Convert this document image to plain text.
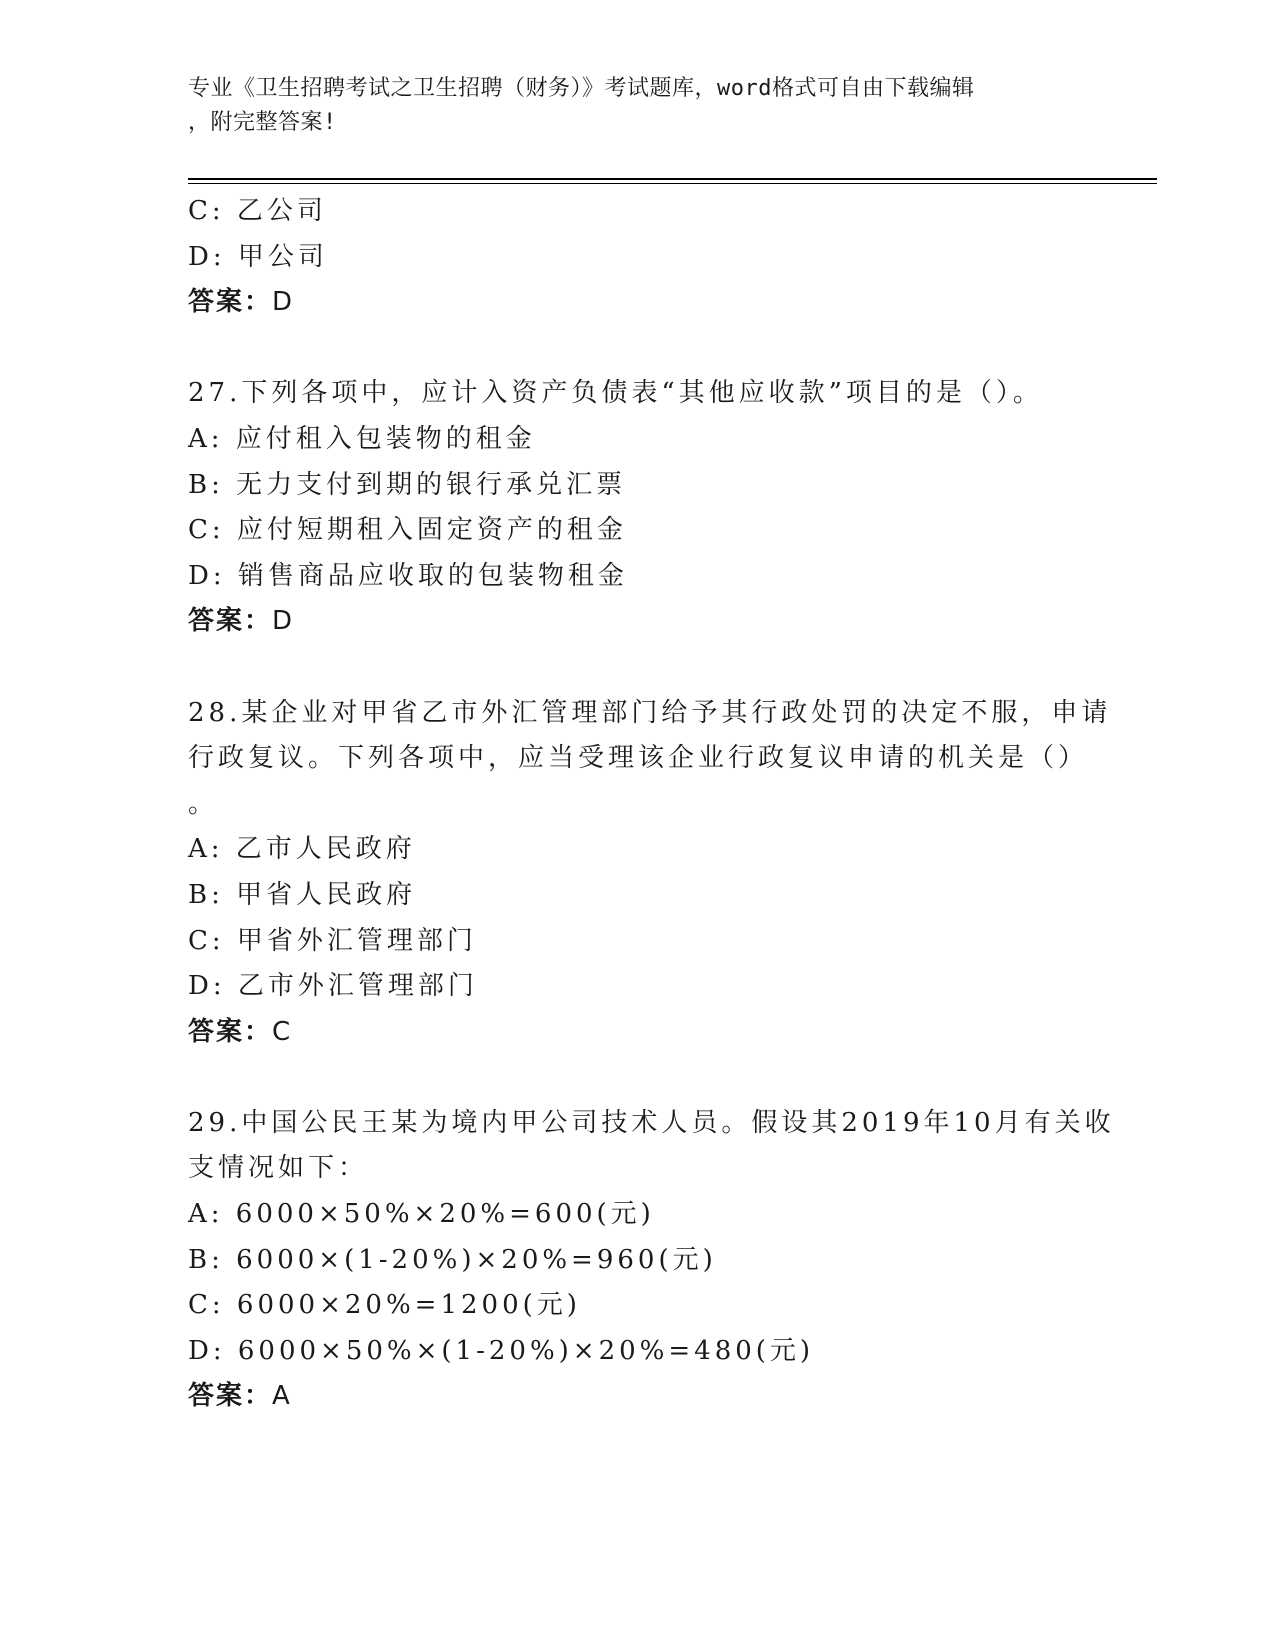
专业《卫生招聘考试之卫生招聘（财务）》考试题库，word格式可自由下载编辑
，附完整答案!
C: 乙公司
D: 甲公司
答案：D
27.下列各项中，应计入资产负债表“其他应收款”项目的是（）。
A: 应付租入包装物的租金
B: 无力支付到期的银行承兑汇票
C: 应付短期租入固定资产的租金
D: 销售商品应收取的包装物租金
答案：D
28.某企业对甲省乙市外汇管理部门给予其行政处罚的决定不服，申请
行政复议。下列各项中，应当受理该企业行政复议申请的机关是（）
。
A: 乙市人民政府
B: 甲省人民政府
C: 甲省外汇管理部门
D: 乙市外汇管理部门
答案：C
29.中国公民王某为境内甲公司技术人员。假设其2019年10月有关收
支情况如下：
A: 6000×50%×20%=600(元)
B: 6000×(1-20%)×20%=960(元)
C: 6000×20%=1200(元)
D: 6000×50%×(1-20%)×20%=480(元)
答案：A
